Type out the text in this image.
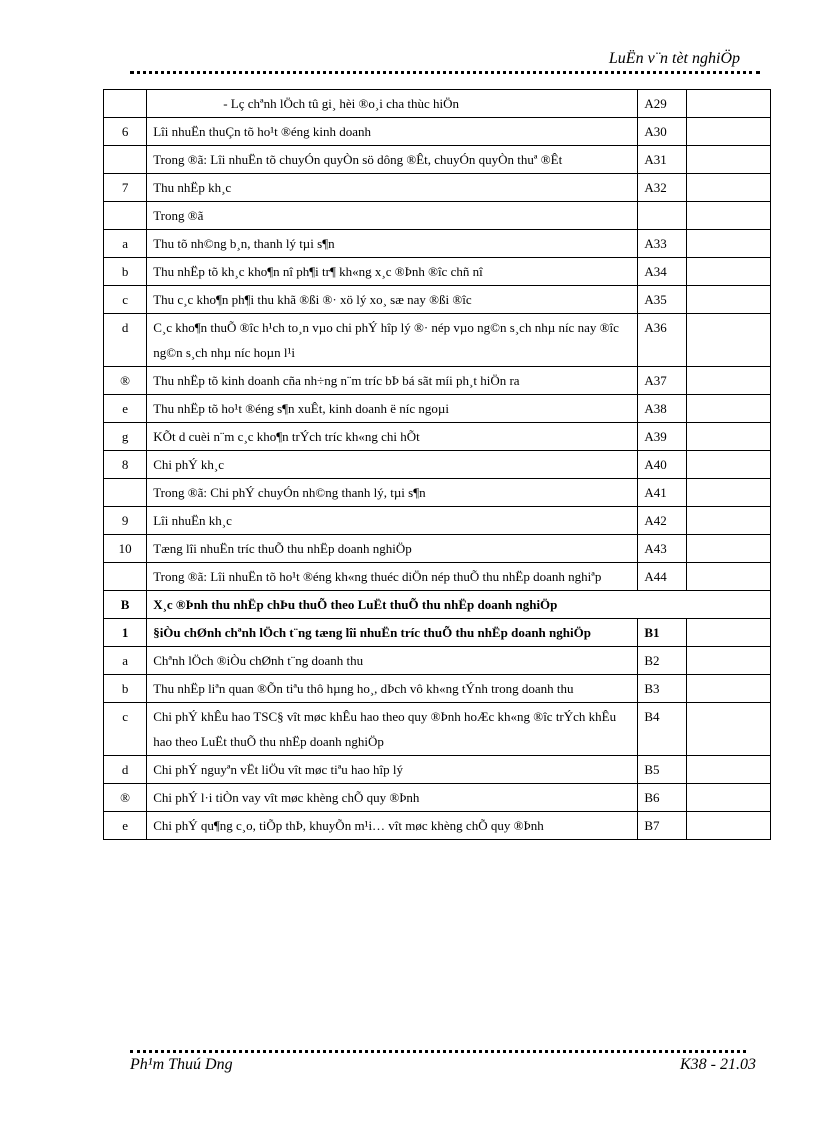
LuËn v¨n tèt nghiÖp
	- Lç chªnh lÖch tû gi¸ hèi ®o¸i cha thùc hiÖn	A29	
6	Lîi nhuËn thuÇn tõ ho¹t ®éng kinh doanh	A30	
	Trong ®ã: Lîi nhuËn tõ chuyÓn quyÒn sö dông ®Êt, chuyÓn quyÒn thuª ®Êt	A31	
7	Thu nhËp kh¸c	A32	
	Trong ®ã		
a	Thu tõ nh©ng b¸n, thanh lý tµi s¶n	A33	
b	Thu nhËp tõ kh¸c kho¶n nî ph¶i tr¶ kh«ng x¸c ®Þnh ®îc chñ nî	A34	
c	Thu c¸c kho¶n ph¶i thu khã ®ßi ®· xö lý xo¸ sæ nay ®ßi ®îc	A35	
d	C¸c kho¶n thuÕ ®îc h¹ch to¸n vµo chi phÝ hîp lý ®· nép vµo ng©n s¸ch nhµ níc nay ®îc ng©n s¸ch nhµ níc hoµn l¹i	A36	
®	Thu nhËp tõ kinh doanh cña nh÷ng n¨m tríc bÞ bá sãt míi ph¸t hiÖn ra	A37	
e	Thu nhËp tõ ho¹t ®éng s¶n xuÊt, kinh doanh ë níc ngoµi	A38	
g	KÕt d cuèi n¨m c¸c kho¶n trÝch tríc kh«ng chi hÕt	A39	
8	Chi phÝ kh¸c	A40	
	Trong ®ã: Chi phÝ chuyÓn nh©ng thanh lý, tµi s¶n	A41	
9	Lîi nhuËn kh¸c	A42	
10	Tæng lîi nhuËn tríc thuÕ thu nhËp doanh nghiÖp	A43	
	Trong ®ã: Lîi nhuËn tõ ho¹t ®éng kh«ng thuéc diÖn nép thuÕ thu nhËp doanh nghiªp	A44	
B	X¸c ®Þnh thu nhËp chÞu thuÕ theo LuËt thuÕ thu nhËp doanh nghiÖp		
1	§iÒu chØnh chªnh lÖch t¨ng tæng lîi nhuËn tríc thuÕ thu nhËp doanh nghiÖp	B1	
a	Chªnh lÖch ®iÒu chØnh t¨ng doanh thu	B2	
b	Thu nhËp liªn quan ®Õn tiªu thô hµng ho¸, dÞch vô kh«ng tÝnh trong doanh thu	B3	
c	Chi phÝ khÊu hao TSC§ vît møc khÊu hao theo quy ®Þnh hoÆc kh«ng ®îc trÝch khÊu hao theo LuËt thuÕ thu nhËp doanh nghiÖp	B4	
d	Chi phÝ nguyªn vËt liÖu vît møc tiªu hao hîp lý	B5	
®	Chi phÝ l·i tiÒn vay vît møc khèng chÕ quy ®Þnh	B6	
e	Chi phÝ qu¶ng c¸o, tiÕp thÞ, khuyÕn m¹i… vît møc khèng chÕ quy ®Þnh	B7	
Ph¹m Thuú Dng	K38 - 21.03
